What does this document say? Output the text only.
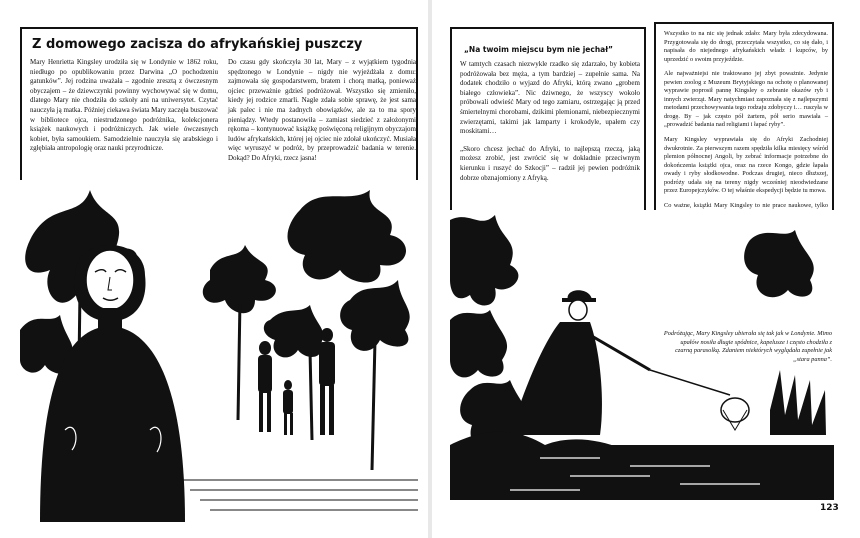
Z domowego zacisza do afrykańskiej puszczy

Mary Henrietta Kingsley urodziła się w Londynie w 1862 roku, niedługo po opublikowaniu przez Darwina „O pochodzeniu gatunków”. Jej rodzina uważała – zgodnie zresztą z ówczesnym obyczajem – że dziewczynki powinny wychowywać się w domu, dlatego Mary nie chodziła do szkoły ani na uniwersytet. Czytać nauczyła ją matka. Później ciekawa świata Mary zaczęła buszować w bibliotece ojca, niestrudzonego podróżnika, kolekcjonera książek naukowych i podróżniczych. Jak wiele ówczesnych kobiet, była samoukiem. Samodzielnie nauczyła się arabskiego i zgłębiała antropologię oraz nauki przyrodnicze.

Do czasu gdy skończyła 30 lat, Mary – z wyjątkiem tygodnia spędzonego w Londynie – nigdy nie wyjeżdżała z domu: zajmowała się gospodarstwem, bratem i chorą matką, ponieważ ojciec przeważnie gdzieś podróżował. Wszystko się zmieniło, kiedy jej rodzice zmarli. Nagle zdała sobie sprawę, że jest sama jak palec i nie ma żadnych obowiązków, ale za to ma spory pieniądzy. Wtedy postanowiła – zamiast siedzieć z założonymi rękoma – kontynuować książkę poświęconą religijnym obyczajom ludów afrykańskich, której jej ojciec nie zdołał ukończyć. Musiała więc wyruszyć w podróż, by przeprowadzić badania w terenie. Dokąd? Do Afryki, rzecz jasna!

„Na twoim miejscu bym nie jechał”

W tamtych czasach niezwykle rzadko się zdarzało, by kobieta podróżowała bez męża, a tym bardziej – zupełnie sama. Na dodatek chodziło o wyjazd do Afryki, którą zwano „grobem białego człowieka”. Nic dziwnego, że wszyscy wokoło próbowali odwieść Mary od tego zamiaru, ostrzegając ją przed śmiertelnymi chorobami, dzikimi plemionami, niebezpiecznymi zwierzętami, takimi jak lamparty i krokodyle, upałem czy moskitami…

„Skoro chcesz jechać do Afryki, to najlepszą rzeczą, jaką możesz zrobić, jest zwrócić się w dokładnie przeciwnym kierunku i ruszyć do Szkocji” – radził jej pewien podróżnik dobrze obznajomiony z Afryką.

Wszystko to na nic się jednak zdało: Mary była zdecydowana. Przygotowała się do drogi, przeczytała wszystko, co się dało, i napisała do niejednego afrykańskich władz i kupców, by uprzedzić o swoim przyjeździe.

Ale najważniejsi nie traktowano jej zbyt poważnie. Jedynie pewien zoolog z Muzeum Brytyjskiego na ochotę o planowanej wyprawie poprosił pannę Kingsley o zebranie okazów ryb i innych zwierząt. Mary natychmiast zapoznała się z najlepszymi metodami przechowywania tego rodzaju zdobyczy i… ruszyła w drogę. By – jak często pół żartem, pół serio mawiała – „prowadzić badania nad religiami i łapać ryby”.

Mary Kingsley wyprawiała się do Afryki Zachodniej dwukrotnie. Za pierwszym razem spędziła kilka miesięcy wśród plemion północnej Angoli, by zebrać informacje potrzebne do dokończenia książki ojca, oraz na rzece Kongo, gdzie łapała owady i ryby słodkowodne. Podczas drugiej, nieco dłuższej, podróży udała się na tereny nigdy wcześniej nieodwiedzane przez Europejczyków. O tej właśnie ekspedycji będzie tu mowa.

Co ważne, książki Mary Kingsley to nie prace naukowe, tylko

Podróżując, Mary Kingsley ubierała się tak jak w Londynie. Mimo upałów nosiła długie spódnice, kapelusze i często chodziła z czarną parasolką. Zdaniem niektórych wyglądała zupełnie jak „stara panna”.
123
